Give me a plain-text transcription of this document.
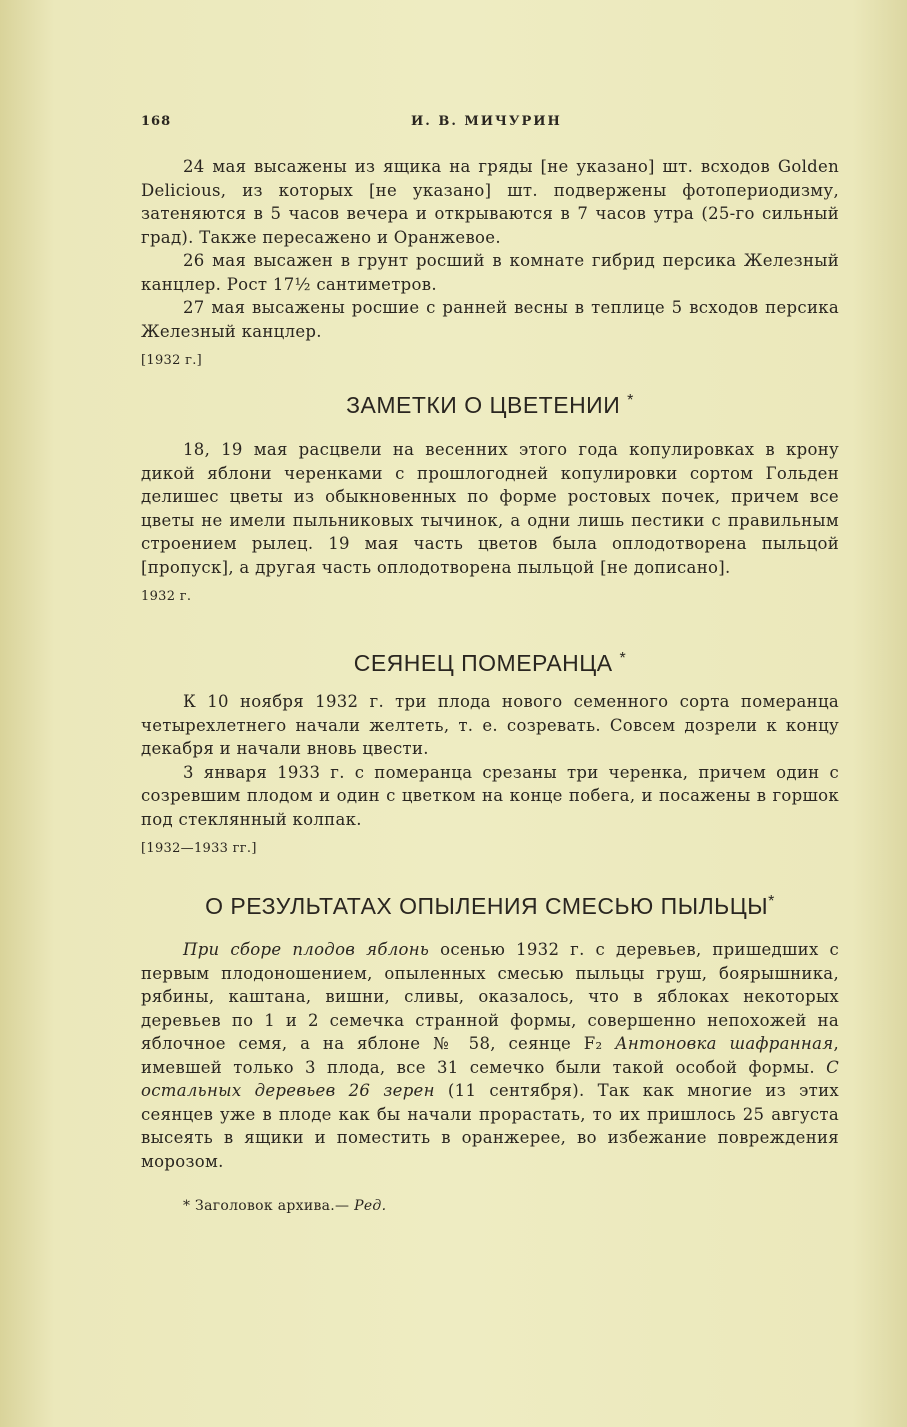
168	И. В. МИЧУРИН

24 мая высажены из ящика на гряды [не указано] шт. всходов Golden Delicious, из которых [не указано] шт. подвержены фотопериодизму, затеняются в 5 часов вечера и открываются в 7 часов утра (25-го сильный град). Также пересажено и Оранжевое.

26 мая высажен в грунт росший в комнате гибрид персика Железный канцлер. Рост 17½ сантиметров.

27 мая высажены росшие с ранней весны в теплице 5 всходов персика Железный канцлер.

[1932 г.]

ЗАМЕТКИ О ЦВЕТЕНИИ *

18, 19 мая расцвели на весенних этого года копулировках в крону дикой яблони черенками с прошлогодней копулировки сортом Гольден делишес цветы из обыкновенных по форме ростовых почек, причем все цветы не имели пыльниковых тычинок, а одни лишь пестики с правильным строением рылец. 19 мая часть цветов была оплодотворена пыльцой [пропуск], а другая часть оплодотворена пыльцой [не дописано].

1932 г.

СЕЯНЕЦ ПОМЕРАНЦА *

К 10 ноября 1932 г. три плода нового семенного сорта померанца четырехлетнего начали желтеть, т. е. созревать. Совсем дозрели к концу декабря и начали вновь цвести.

3 января 1933 г. с померанца срезаны три черенка, причем один с созревшим плодом и один с цветком на конце побега, и посажены в горшок под стеклянный колпак.

[1932—1933 гг.]

О РЕЗУЛЬТАТАХ ОПЫЛЕНИЯ СМЕСЬЮ ПЫЛЬЦЫ*

При сборе плодов яблонь осенью 1932 г. с деревьев, пришедших с первым плодоношением, опыленных смесью пыльцы груш, боярышника, рябины, каштана, вишни, сливы, оказалось, что в яблоках некоторых деревьев по 1 и 2 семечка странной формы, совершенно непохожей на яблочное семя, а на яблоне № 58, сеянце F₂ Антоновка шафранная, имевшей только 3 плода, все 31 семечко были такой особой формы. С остальных деревьев 26 зерен (11 сентября). Так как многие из этих сеянцев уже в плоде как бы начали прорастать, то их пришлось 25 августа высеять в ящики и поместить в оранжерее, во избежание повреждения морозом.

* Заголовок архива.— Ред.
